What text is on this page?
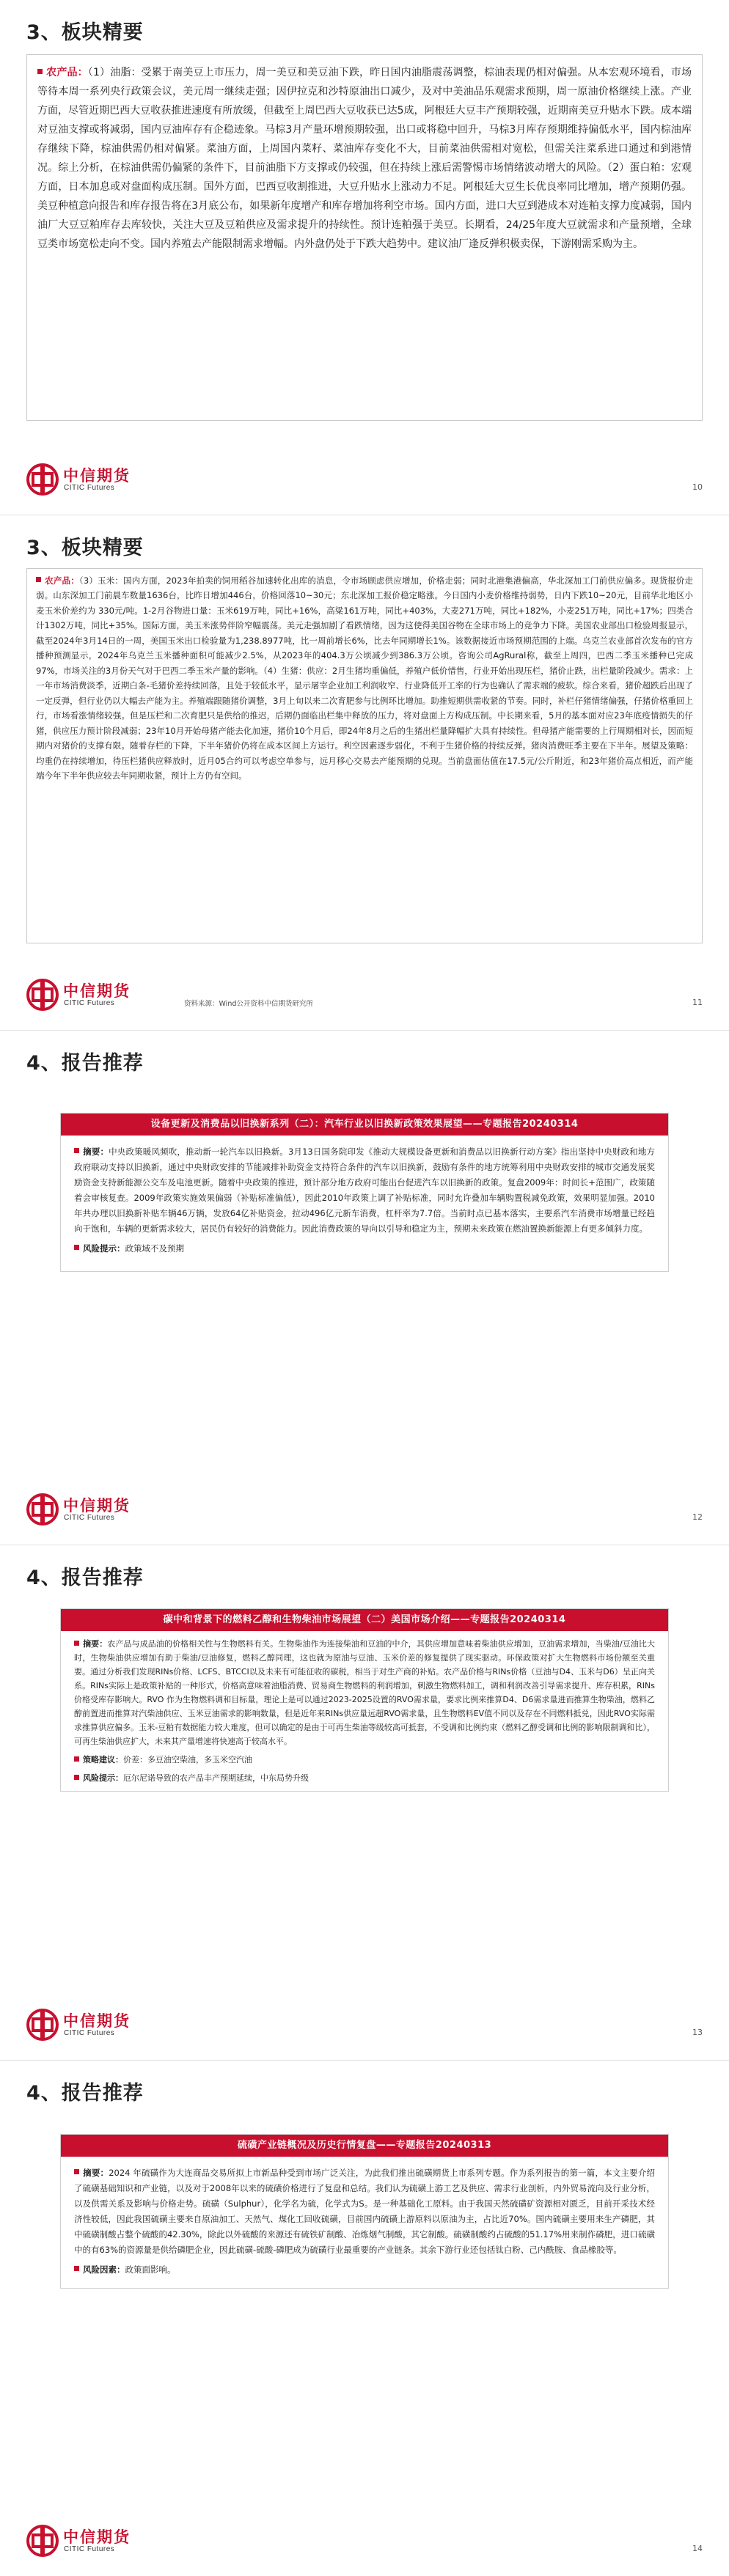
3、板块精要

农产品：（1）油脂：受累于南美豆上市压力，周一美豆和美豆油下跌，昨日国内油脂震荡调整，棕油表现仍相对偏强。从本宏观环境看，市场等待本周一系列央行政策会议，美元周一继续走强；因伊拉克和沙特原油出口减少，及对中美油品乐观需求预期，周一原油价格继续上涨。产业方面，尽管近期巴西大豆收获推进速度有所放缓，但截至上周巴西大豆收获已达5成，阿根廷大豆丰产预期较强，近期南美豆升贴水下跌。成本端对豆油支撑或将减弱，国内豆油库存有企稳迹象。马棕3月产量环增预期较强，出口或将稳中回升，马棕3月库存预期维持偏低水平，国内棕油库存继续下降，棕油供需仍相对偏紧。菜油方面，上周国内菜籽、菜油库存变化不大，目前菜油供需相对宽松，但需关注菜系进口通过和到港情况。综上分析，在棕油供需仍偏紧的条件下，目前油脂下方支撑或仍较强，但在持续上涨后需警惕市场情绪波动增大的风险。（2）蛋白粕：宏观方面，日本加息或对盘面构成压制。国外方面，巴西豆收割推进，大豆升贴水上涨动力不足。阿根廷大豆生长优良率同比增加，增产预期仍强。美豆种植意向报告和库存报告将在3月底公布，如果新年度增产和库存增加将利空市场。国内方面，进口大豆到港成本对连粕支撑力度减弱，国内油厂大豆豆粕库存去库较快，关注大豆及豆粕供应及需求提升的持续性。预计连粕强于美豆。长期看，24/25年度大豆就需求和产量预增，全球豆类市场宽松走向不变。国内养殖去产能限制需求增幅。内外盘仍处于下跌大趋势中。建议油厂逢反弹积极卖保，下游刚需采购为主。

中信期货
CITIC Futures	10
3、板块精要

农产品：（3）玉米：国内方面，2023年拍卖的饲用稻谷加速转化出库的消息，令市场顾虑供应增加，价格走弱；同时北港集港偏高，华北深加工门前供应偏多。现货报价走弱。山东深加工门前晨车数量1636台，比昨日增加446台，价格回落10~30元；东北深加工报价稳定略涨。今日国内小麦价格维持弱势，日内下跌10~20元，目前华北地区小麦玉米价差约为 330元/吨。1-2月谷物进口量：玉米619万吨，同比+16%，高粱161万吨，同比+403%，大麦271万吨，同比+182%，小麦251万吨，同比+17%；四类合计1302万吨，同比+35%。国际方面，美玉米涨势伴阶窄幅震荡。美元走强加剧了看跌情绪，因为这使得美国谷物在全球市场上的竞争力下降。美国农业部出口检验周报显示，截至2024年3月14日的一周，美国玉米出口检验量为1,238.8977吨，比一周前增长6%，比去年同期增长1%。该数据接近市场预期范围的上端。乌克兰农业部首次发布的官方播种预测显示，2024年乌克兰玉米播种面积可能减少2.5%，从2023年的404.3万公顷减少到386.3万公顷。咨询公司AgRural称，截至上周四，巴西二季玉米播种已完成97%，市场关注的3月份天气对于巴西二季玉米产量的影响。（4）生猪：供应：2月生猪均重偏低，养殖户低价惜售，行业开始出现压栏，猪价止跌，出栏量阶段减少。需求：上一年市场消费淡季，近期白条-毛猪价差持续回落，且处于较低水平，显示屠宰企业加工利润收窄、行业降低开工率的行为也确认了需求端的疲软。综合来看，猪价超跌后出现了一定反弹，但行业仍以大幅去产能为主。养殖端跟随猪价调整，3月上旬以来二次育肥参与比例环比增加。助推短期供需收紧的节奏。同时，补栏仔猪情绪偏强，仔猪价格重回上行，市场看涨情绪较强。但是压栏和二次育肥只是供给的推迟，后期仍面临出栏集中释放的压力，将对盘面上方构成压制。中长期来看，5月的基本面对应23年底疫情损失的仔猪，供应压力预计阶段减弱；23年10月开始母猪产能去化加速，猪价10个月后，即24年8月之后的生猪出栏量降幅扩大具有持续性。但母猪产能需要的上行周期相对长，因而短期内对猪价的支撑有限。随着存栏的下降，下半年猪价仍将在成本区间上方运行。利空因素逐步弱化，不利于生猪价格的持续反弹。猪肉消费旺季主要在下半年。展望及策略：均重仍在持续增加，待压栏猪供应释放时，近月05合约可以考虑空单参与，远月移心交易去产能预期的兑现。当前盘面估值在17.5元/公斤附近，和23年猪价高点相近，而产能端今年下半年供应较去年同期收紧，预计上方仍有空间。

中信期货
CITIC Futures	资料来源：Wind公开资料中信期货研究所	11
4、报告推荐
设备更新及消费品以旧换新系列（二）：汽车行业以旧换新政策效果展望——专题报告20240314

摘要：中央政策暖风频吹，推动新一轮汽车以旧换新。3月13日国务院印发《推动大规模设备更新和消费品以旧换新行动方案》指出坚持中央财政和地方政府联动支持以旧换新，通过中央财政安排的节能减排补助资金支持符合条件的汽车以旧换新，鼓励有条件的地方统筹利用中央财政安排的城市交通发展奖励资金支持新能源公交车及电池更新。随着中央政策的推进，预计部分地方政府可能出台促进汽车以旧换新的政策。复盘2009年：时间长+范围广，政策随着会审核复查。2009年政策实施效果偏弱（补贴标准偏低），因此2010年政策上调了补贴标准，同时允许叠加车辆购置税减免政策，效果明显加强。2010年共办理以旧换新补贴车辆46万辆，发放64亿补贴资金，拉动496亿元新车消费，杠杆率为7.7倍。当前时点已基本落实，主要系汽车消费市场增量已经趋向于饱和，车辆的更新需求较大，居民仍有较好的消费能力。因此消费政策的导向以引导和稳定为主，预期未来政策在燃油置换新能源上有更多倾斜力度。

风险提示：政策域不及预期

中信期货
CITIC Futures	12
4、报告推荐
碳中和背景下的燃料乙醇和生物柴油市场展望（二）美国市场介绍——专题报告20240314

摘要：农产品与成品油的价格相关性与生物燃料有关。生物柴油作为连接柴油和豆油的中介，其供应增加意味着柴油供应增加，豆油需求增加，当柴油/豆油比大时，生物柴油供应增加有助于柴油/豆油修复，燃料乙醇同理，这也就为原油与豆油、玉米价差的修复提供了现实驱动。环保政策对扩大生物燃料市场份额至关重要。通过分析我们发现RINs价格、LCFS、BTCCI以及未来有可能征收的碳税，相当于对生产商的补贴。农产品价格与RINs价格（豆油与D4、玉米与D6）呈正向关系。RINs实际上是政策补贴的一种形式，价格高意味着油脂消费、贸易商生物燃料的利润增加，刺激生物燃料加工，调和利润改善引导需求提升、库存积累，RINs价格受库存影响大。RVO 作为生物燃料调和目标量，理论上是可以通过2023-2025设置的RVO需求量，要求比例来推算D4、D6需求量进而推算生物柴油，燃料乙醇前置进而推算对汽柴油供应、玉米豆油需求的影响数量，但是近年来RINs供应量远超RVO需求量，且生物燃料EV值不同以及存在不同燃料抵兑，因此RVO实际需求推算供应偏多。玉米-豆粕有数据能力较大难度，但可以确定的是由于可再生柴油等级较高可抵套，不受调和比例约束（燃料乙醇受调和比例的影响限制调和比），可再生柴油供应扩大，未来其产量增速将快速高于较高水平。

策略建议：价差：多豆油空柴油，多玉米空汽油

风险提示：厄尔尼诺导致的农产品丰产预期延续，中东局势升级

中信期货
CITIC Futures	13
4、报告推荐
硫磺产业链概况及历史行情复盘——专题报告20240313

摘要：2024 年硫磺作为大连商品交易所拟上市新品种受到市场广泛关注，为此我们推出硫磺期货上市系列专题。作为系列报告的第一篇，本文主要介绍了硫磺基础知识和产业链，以及对于2008年以来的硫磺价格进行了复盘和总结。我们认为硫磺上游工艺及供应、需求行业剖析，内外贸易流向及行业分析，以及供需关系及影响与价格走势。硫磺（Sulphur），化学名为硫，化学式为S。是一种基础化工原料。由于我国天然硫磺矿资源相对匮乏，目前开采技术经济性较低，因此我国硫磺主要来自原油加工、天然气、煤化工回收硫磺，目前国内硫磺上游原料以原油为主，占比近70%。国内硫磺主要用来生产磷肥，其中硫磺制酸占整个硫酸的42.30%，除此以外硫酸的来源还有硫铁矿制酸、冶炼烟气制酸，其它制酸。硫磺制酸约占硫酸的51.17%用来制作磷肥，进口硫磺中的有63%的资源量是供给磷肥企业，因此硫磺-硫酸-磷肥成为硫磺行业最重要的产业链条。其余下游行业还包括钛白粉、己内酰胺、食品橡胶等。

风险因素：政策面影响。

中信期货
CITIC Futures	14
